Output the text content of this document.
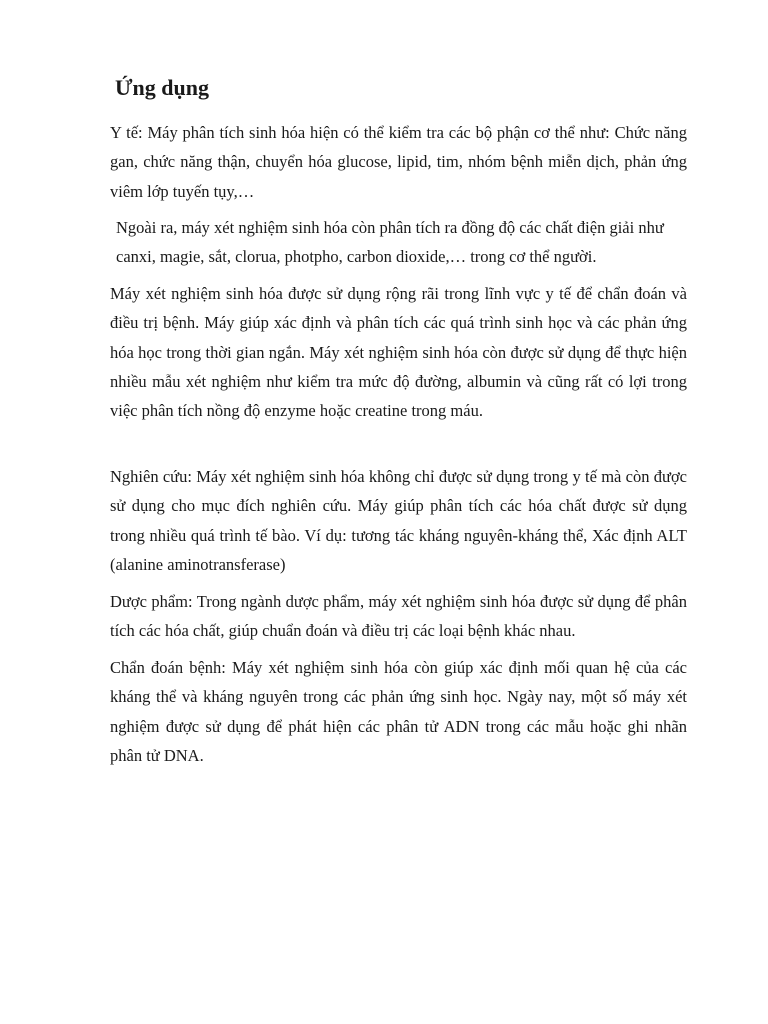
Ứng dụng

Y tế: Máy phân tích sinh hóa hiện có thể kiểm tra các bộ phận cơ thể như: Chức năng gan, chức năng thận, chuyển hóa glucose, lipid, tim, nhóm bệnh miễn dịch, phản ứng viêm lớp tuyến tụy,…

Ngoài ra, máy xét nghiệm sinh hóa còn phân tích ra đồng độ các chất điện giải như canxi, magie, sắt, clorua, photpho, carbon dioxide,… trong cơ thể người.

Máy xét nghiệm sinh hóa được sử dụng rộng rãi trong lĩnh vực y tế để chẩn đoán và điều trị bệnh. Máy giúp xác định và phân tích các quá trình sinh học và các phản ứng hóa học trong thời gian ngắn. Máy xét nghiệm sinh hóa còn được sử dụng để thực hiện nhiều mẫu xét nghiệm như kiểm tra mức độ đường, albumin và cũng rất có lợi trong việc phân tích nồng độ enzyme hoặc creatine trong máu.

Nghiên cứu: Máy xét nghiệm sinh hóa không chỉ được sử dụng trong y tế mà còn được sử dụng cho mục đích nghiên cứu. Máy giúp phân tích các hóa chất được sử dụng trong nhiều quá trình tế bào. Ví dụ: tương tác kháng nguyên-kháng thể, Xác định ALT (alanine aminotransferase)

Dược phẩm: Trong ngành dược phẩm, máy xét nghiệm sinh hóa được sử dụng để phân tích các hóa chất, giúp chuẩn đoán và điều trị các loại bệnh khác nhau.

Chẩn đoán bệnh: Máy xét nghiệm sinh hóa còn giúp xác định mối quan hệ của các kháng thể và kháng nguyên trong các phản ứng sinh học. Ngày nay, một số máy xét nghiệm được sử dụng để phát hiện các phân tử ADN trong các mẫu hoặc ghi nhãn phân tử DNA.
